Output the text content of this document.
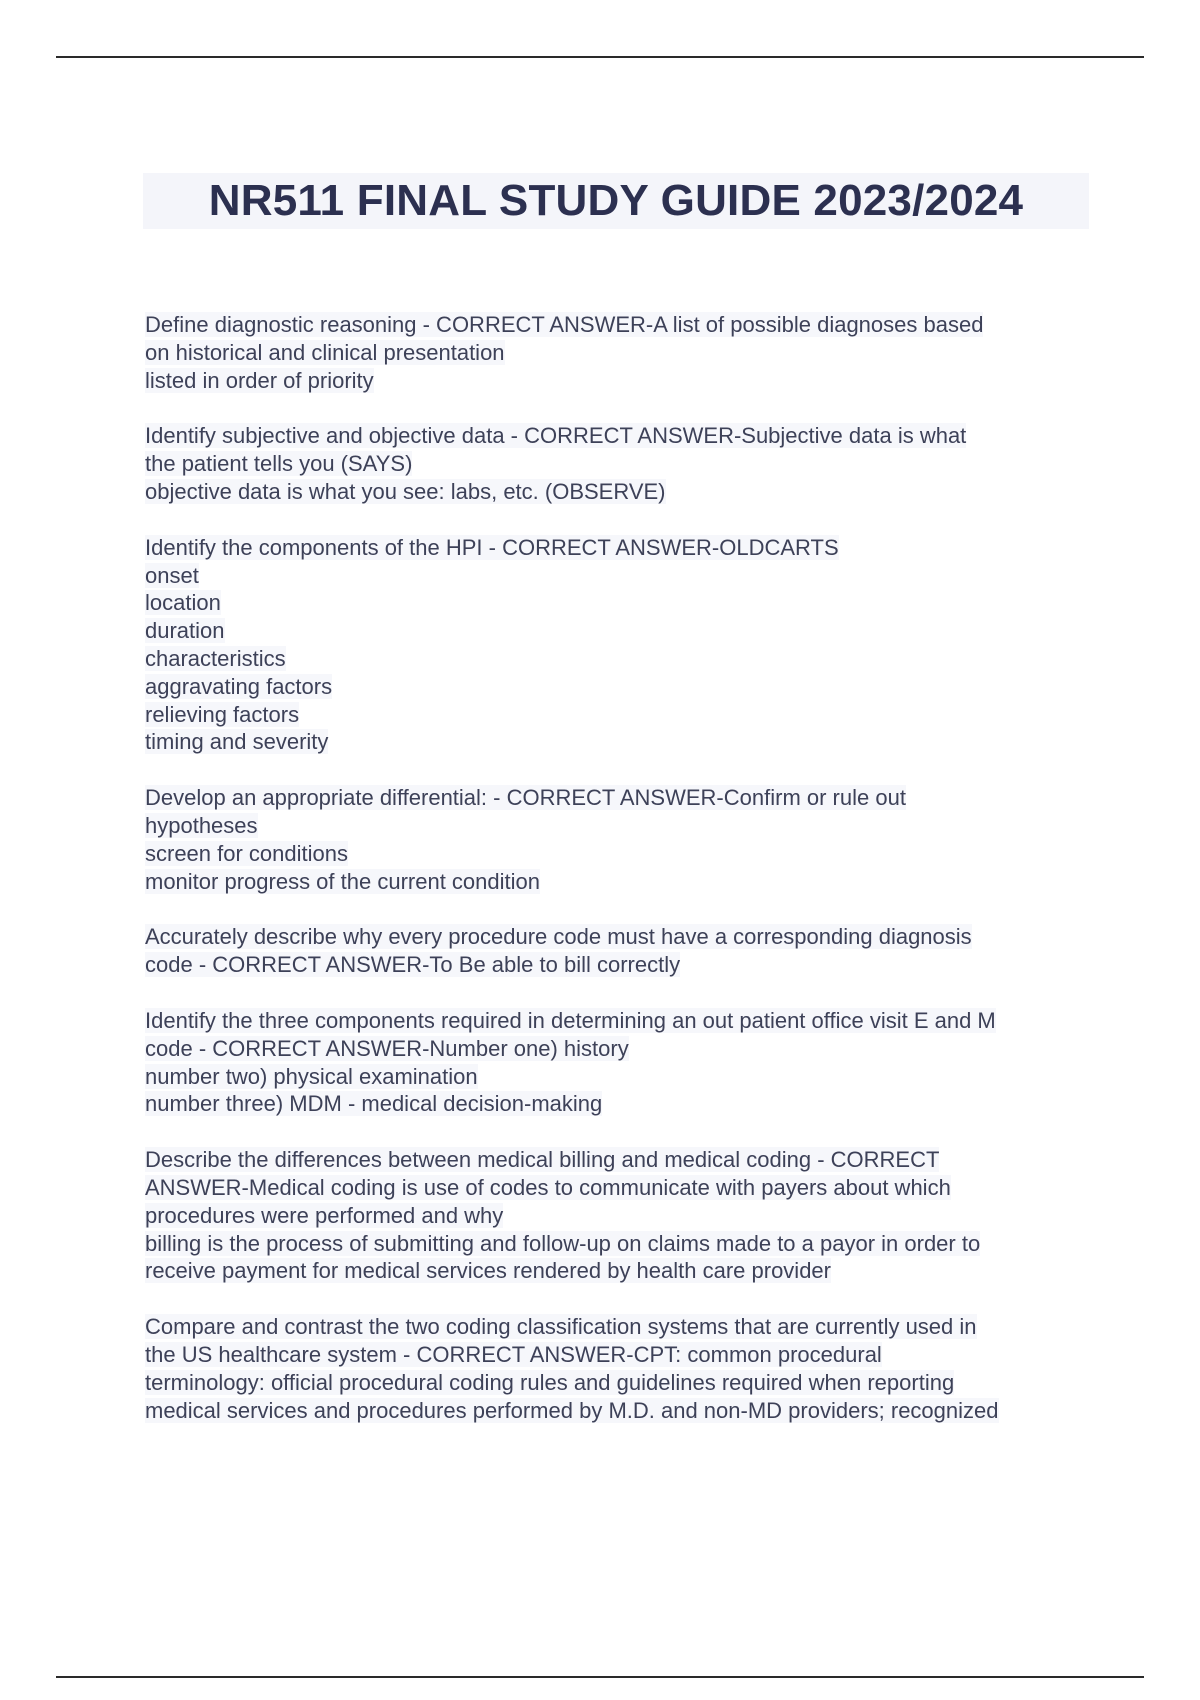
NR511 FINAL STUDY GUIDE 2023/2024
Define diagnostic reasoning - CORRECT ANSWER-A list of possible diagnoses based
on historical and clinical presentation
listed in order of priority
Identify subjective and objective data - CORRECT ANSWER-Subjective data is what
the patient tells you (SAYS)
objective data is what you see: labs, etc. (OBSERVE)
Identify the components of the HPI - CORRECT ANSWER-OLDCARTS
onset
location
duration
characteristics
aggravating factors
relieving factors
timing and severity
Develop an appropriate differential: - CORRECT ANSWER-Confirm or rule out
hypotheses
screen for conditions
monitor progress of the current condition
Accurately describe why every procedure code must have a corresponding diagnosis
code - CORRECT ANSWER-To Be able to bill correctly
Identify the three components required in determining an out patient office visit E and M
code - CORRECT ANSWER-Number one) history
number two) physical examination
number three) MDM - medical decision-making
Describe the differences between medical billing and medical coding - CORRECT
ANSWER-Medical coding is use of codes to communicate with payers about which
procedures were performed and why
billing is the process of submitting and follow-up on claims made to a payor in order to
receive payment for medical services rendered by health care provider
Compare and contrast the two coding classification systems that are currently used in
the US healthcare system - CORRECT ANSWER-CPT: common procedural
terminology: official procedural coding rules and guidelines required when reporting
medical services and procedures performed by M.D. and non-MD providers; recognized
